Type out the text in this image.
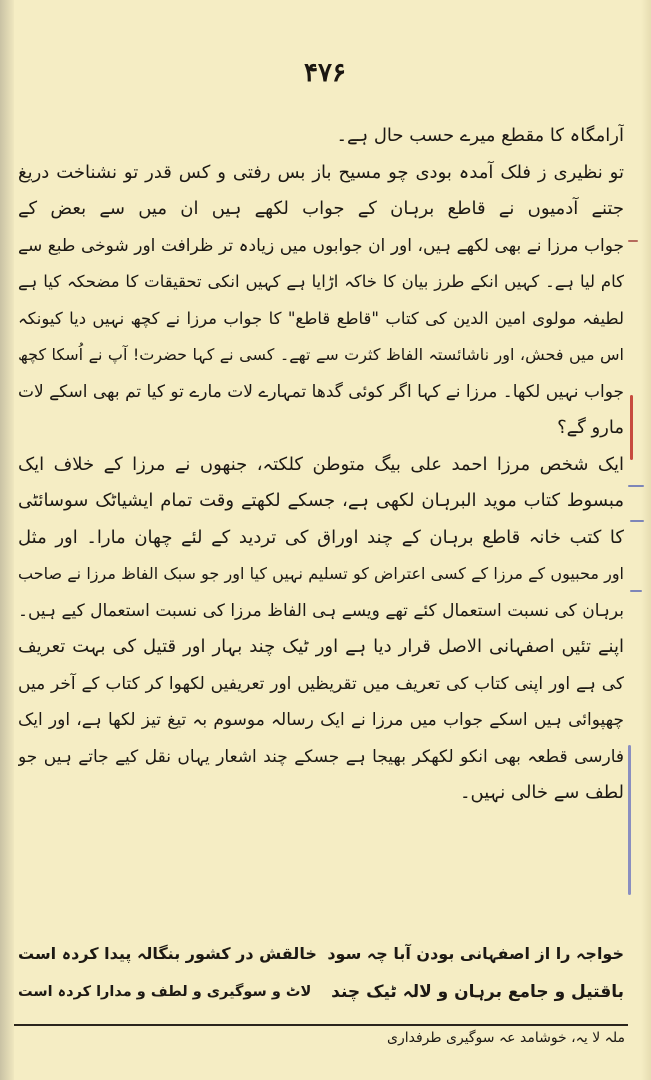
۴۷۶
آرامگاہ کا مقطع میرے حسب حال ہے۔
تو نظیری ز فلک آمدہ بودی چو مسیح باز بس رفتی و کس قدر تو نشناخت دریغ
جتنے آدمیوں نے قاطع برہان کے جواب لکھے ہیں ان میں سے بعض کے
جواب مرزا نے بھی لکھے ہیں، اور ان جوابوں میں زیادہ تر ظرافت اور شوخی طبع سے
کام لیا ہے۔ کہیں انکے طرز بیان کا خاکہ اڑایا ہے کہیں انکی تحقیقات کا مضحکہ کیا ہے
لطیفہ مولوی امین الدین کی کتاب "قاطع قاطع" کا جواب مرزا نے کچھ نہیں دیا کیونکہ
اس میں فحش، اور ناشائستہ الفاظ کثرت سے تھے۔ کسی نے کہا حضرت! آپ نے اُسکا کچھ
جواب نہیں لکھا۔ مرزا نے کہا اگر کوئی گدھا تمہارے لات مارے تو کیا تم بھی اسکے لات
مارو گے؟
ایک شخص مرزا احمد علی بیگ متوطن کلکتہ، جنھوں نے مرزا کے خلاف ایک
مبسوط کتاب موید البرہان لکھی ہے، جسکے لکھتے وقت تمام ایشیاٹک سوسائٹی
کا کتب خانہ قاطع برہان کے چند اوراق کی تردید کے لئے چھان مارا۔ اور مثل
اور محبیوں کے مرزا کے کسی اعتراض کو تسلیم نہیں کیا اور جو سبک الفاظ مرزا نے صاحب
برہان کی نسبت استعمال کئے تھے ویسے ہی الفاظ مرزا کی نسبت استعمال کیے ہیں۔
اپنے تئیں اصفہانی الاصل قرار دیا ہے اور ٹیک چند بہار اور قتیل کی بہت تعریف
کی ہے اور اپنی کتاب کی تعریف میں تقریظیں اور تعریفیں لکھوا کر کتاب کے آخر میں
چھپوائی ہیں اسکے جواب میں مرزا نے ایک رسالہ موسوم بہ تیغ تیز لکھا ہے، اور ایک
فارسی قطعہ بھی انکو لکھکر بھیجا ہے جسکے چند اشعار یہاں نقل کیے جاتے ہیں جو
لطف سے خالی نہیں۔
خواجہ را از اصفہانی بودن آبا چہ سود
خالقش در کشور بنگالہ پیدا کردہ است
باقتیل و جامع برہان و لالہ ٹیک چند
لاٹ و سوگیری و لطف و مدارا کردہ است
ملہ لا یہ، خوشامد عہ سوگیری طرفداری
